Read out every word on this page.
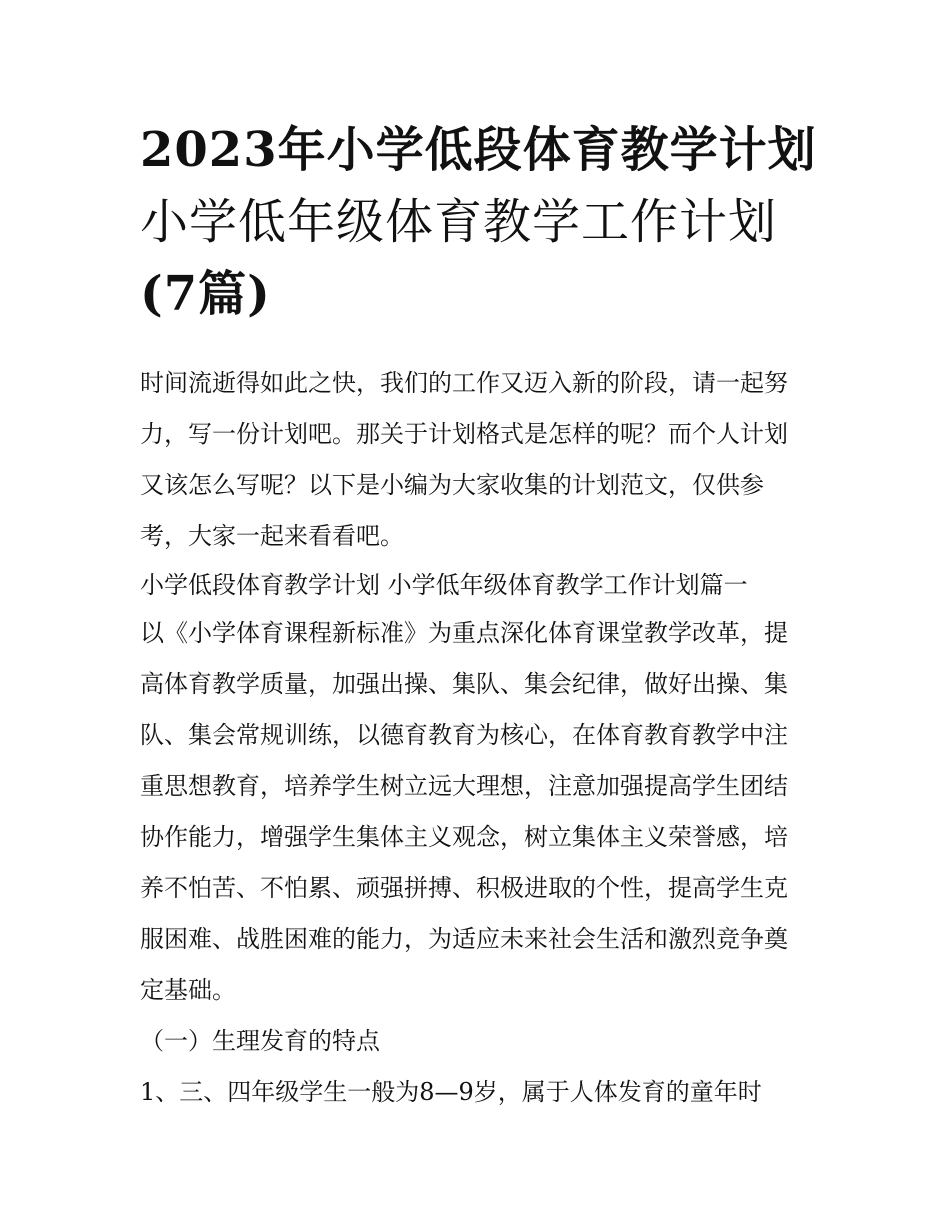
2023年小学低段体育教学计划
小学低年级体育教学工作计划
(7篇)

时间流逝得如此之快，我们的工作又迈入新的阶段，请一起努

力，写一份计划吧。那关于计划格式是怎样的呢？而个人计划

又该怎么写呢？以下是小编为大家收集的计划范文，仅供参

考，大家一起来看看吧。

小学低段体育教学计划 小学低年级体育教学工作计划篇一

以《小学体育课程新标准》为重点深化体育课堂教学改革，提

高体育教学质量，加强出操、集队、集会纪律，做好出操、集

队、集会常规训练，以德育教育为核心，在体育教育教学中注

重思想教育，培养学生树立远大理想，注意加强提高学生团结

协作能力，增强学生集体主义观念，树立集体主义荣誉感，培

养不怕苦、不怕累、顽强拼搏、积极进取的个性，提高学生克

服困难、战胜困难的能力，为适应未来社会生活和激烈竞争奠

定基础。

（一）生理发育的特点

1、三、四年级学生一般为8—9岁，属于人体发育的童年时
